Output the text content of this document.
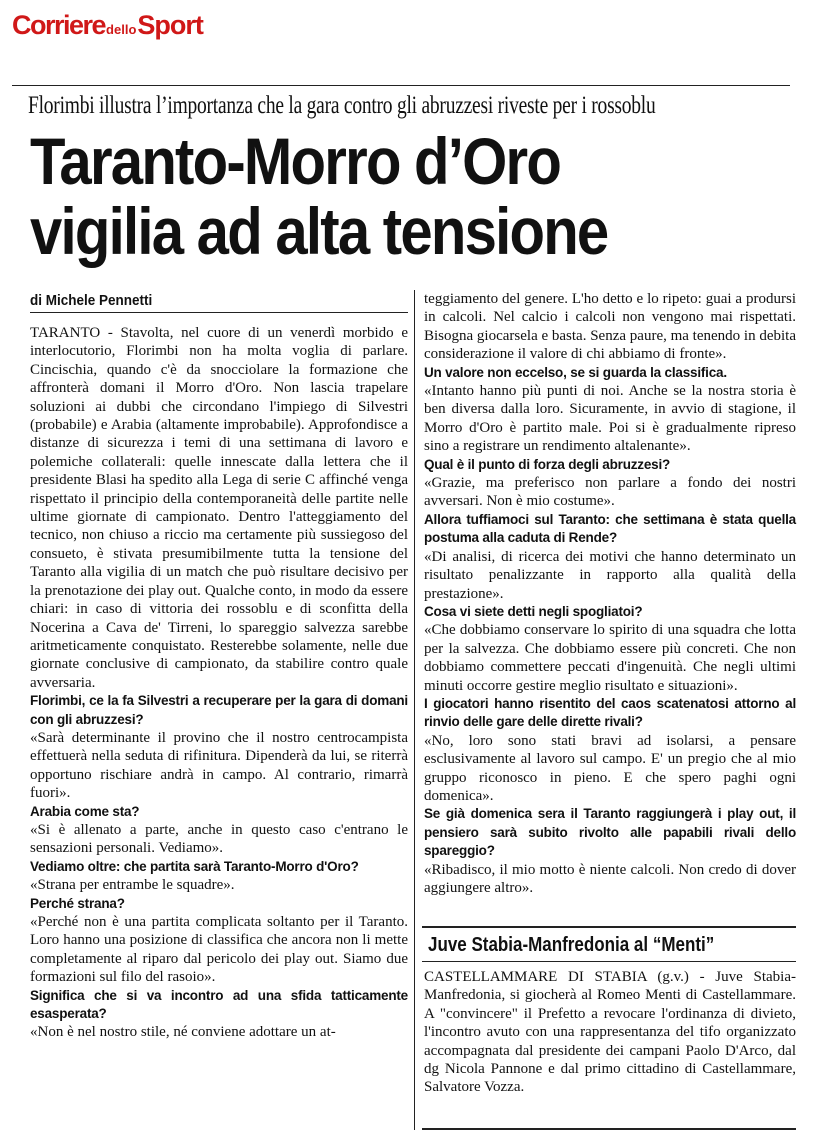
Corriere dello Sport
Florimbi illustra l’importanza che la gara contro gli abruzzesi riveste per i rossoblu
Taranto-Morro d’Oro
vigilia ad alta tensione
di Michele Pennetti

TARANTO - Stavolta, nel cuore di un venerdì morbido e interlocutorio, Florimbi non ha molta voglia di parlare. Cincischia, quando c'è da snocciolare la formazione che affronterà domani il Morro d'Oro. Non lascia trapelare soluzioni ai dubbi che circondano l'impiego di Silvestri (probabile) e Arabia (altamente improbabile). Approfondisce a distanze di sicurezza i temi di una settimana di lavoro e polemiche collaterali: quelle innescate dalla lettera che il presidente Blasi ha spedito alla Lega di serie C affinché venga rispettato il principio della contemporaneità delle partite nelle ultime giornate di campionato. Dentro l'atteggiamento del tecnico, non chiuso a riccio ma certamente più sussiegoso del consueto, è stivata presumibilmente tutta la tensione del Taranto alla vigilia di un match che può risultare decisivo per la prenotazione dei play out. Qualche conto, in modo da essere chiari: in caso di vittoria dei rossoblu e di sconfitta della Nocerina a Cava de' Tirreni, lo spareggio salvezza sarebbe aritmeticamente conquistato. Resterebbe solamente, nelle due giornate conclusive di campionato, da stabilire contro quale avversaria.

Florimbi, ce la fa Silvestri a recuperare per la gara di domani con gli abruzzesi?

«Sarà determinante il provino che il nostro centrocampista effettuerà nella seduta di rifinitura. Dipenderà da lui, se riterrà opportuno rischiare andrà in campo. Al contrario, rimarrà fuori».

Arabia come sta?

«Si è allenato a parte, anche in questo caso c'entrano le sensazioni personali. Vediamo».

Vediamo oltre: che partita sarà Taranto-Morro d'Oro?

«Strana per entrambe le squadre».

Perché strana?

«Perché non è una partita complicata soltanto per il Taranto. Loro hanno una posizione di classifica che ancora non li mette completamente al riparo dal pericolo dei play out. Siamo due formazioni sul filo del rasoio».

Significa che si va incontro ad una sfida tatticamente esasperata?

«Non è nel nostro stile, né conviene adottare un at-

teggiamento del genere. L'ho detto e lo ripeto: guai a prodursi in calcoli. Nel calcio i calcoli non vengono mai rispettati. Bisogna giocarsela e basta. Senza paure, ma tenendo in debita considerazione il valore di chi abbiamo di fronte».

Un valore non eccelso, se si guarda la classifica.

«Intanto hanno più punti di noi. Anche se la nostra storia è ben diversa dalla loro. Sicuramente, in avvio di stagione, il Morro d'Oro è partito male. Poi si è gradualmente ripreso sino a registrare un rendimento altalenante».

Qual è il punto di forza degli abruzzesi?

«Grazie, ma preferisco non parlare a fondo dei nostri avversari. Non è mio costume».

Allora tuffiamoci sul Taranto: che settimana è stata quella postuma alla caduta di Rende?

«Di analisi, di ricerca dei motivi che hanno determinato un risultato penalizzante in rapporto alla qualità della prestazione».

Cosa vi siete detti negli spogliatoi?

«Che dobbiamo conservare lo spirito di una squadra che lotta per la salvezza. Che dobbiamo essere più concreti. Che non dobbiamo commettere peccati d'ingenuità. Che negli ultimi minuti occorre gestire meglio risultato e situazioni».

I giocatori hanno risentito del caos scatenatosi attorno al rinvio delle gare delle dirette rivali?

«No, loro sono stati bravi ad isolarsi, a pensare esclusivamente al lavoro sul campo. E' un pregio che al mio gruppo riconosco in pieno. E che spero paghi ogni domenica».

Se già domenica sera il Taranto raggiungerà i play out, il pensiero sarà subito rivolto alle papabili rivali dello spareggio?

«Ribadisco, il mio motto è niente calcoli. Non credo di dover aggiungere altro».

Juve Stabia-Manfredonia al “Menti”

CASTELLAMMARE DI STABIA (g.v.) - Juve Stabia-Manfredonia, si giocherà al Romeo Menti di Castellammare. A "convincere" il Prefetto a revocare l'ordinanza di divieto, l'incontro avuto con una rappresentanza del tifo organizzato accompagnata dal presidente dei campani Paolo D'Arco, dal dg Nicola Pannone e dal primo cittadino di Castellammare, Salvatore Vozza.
